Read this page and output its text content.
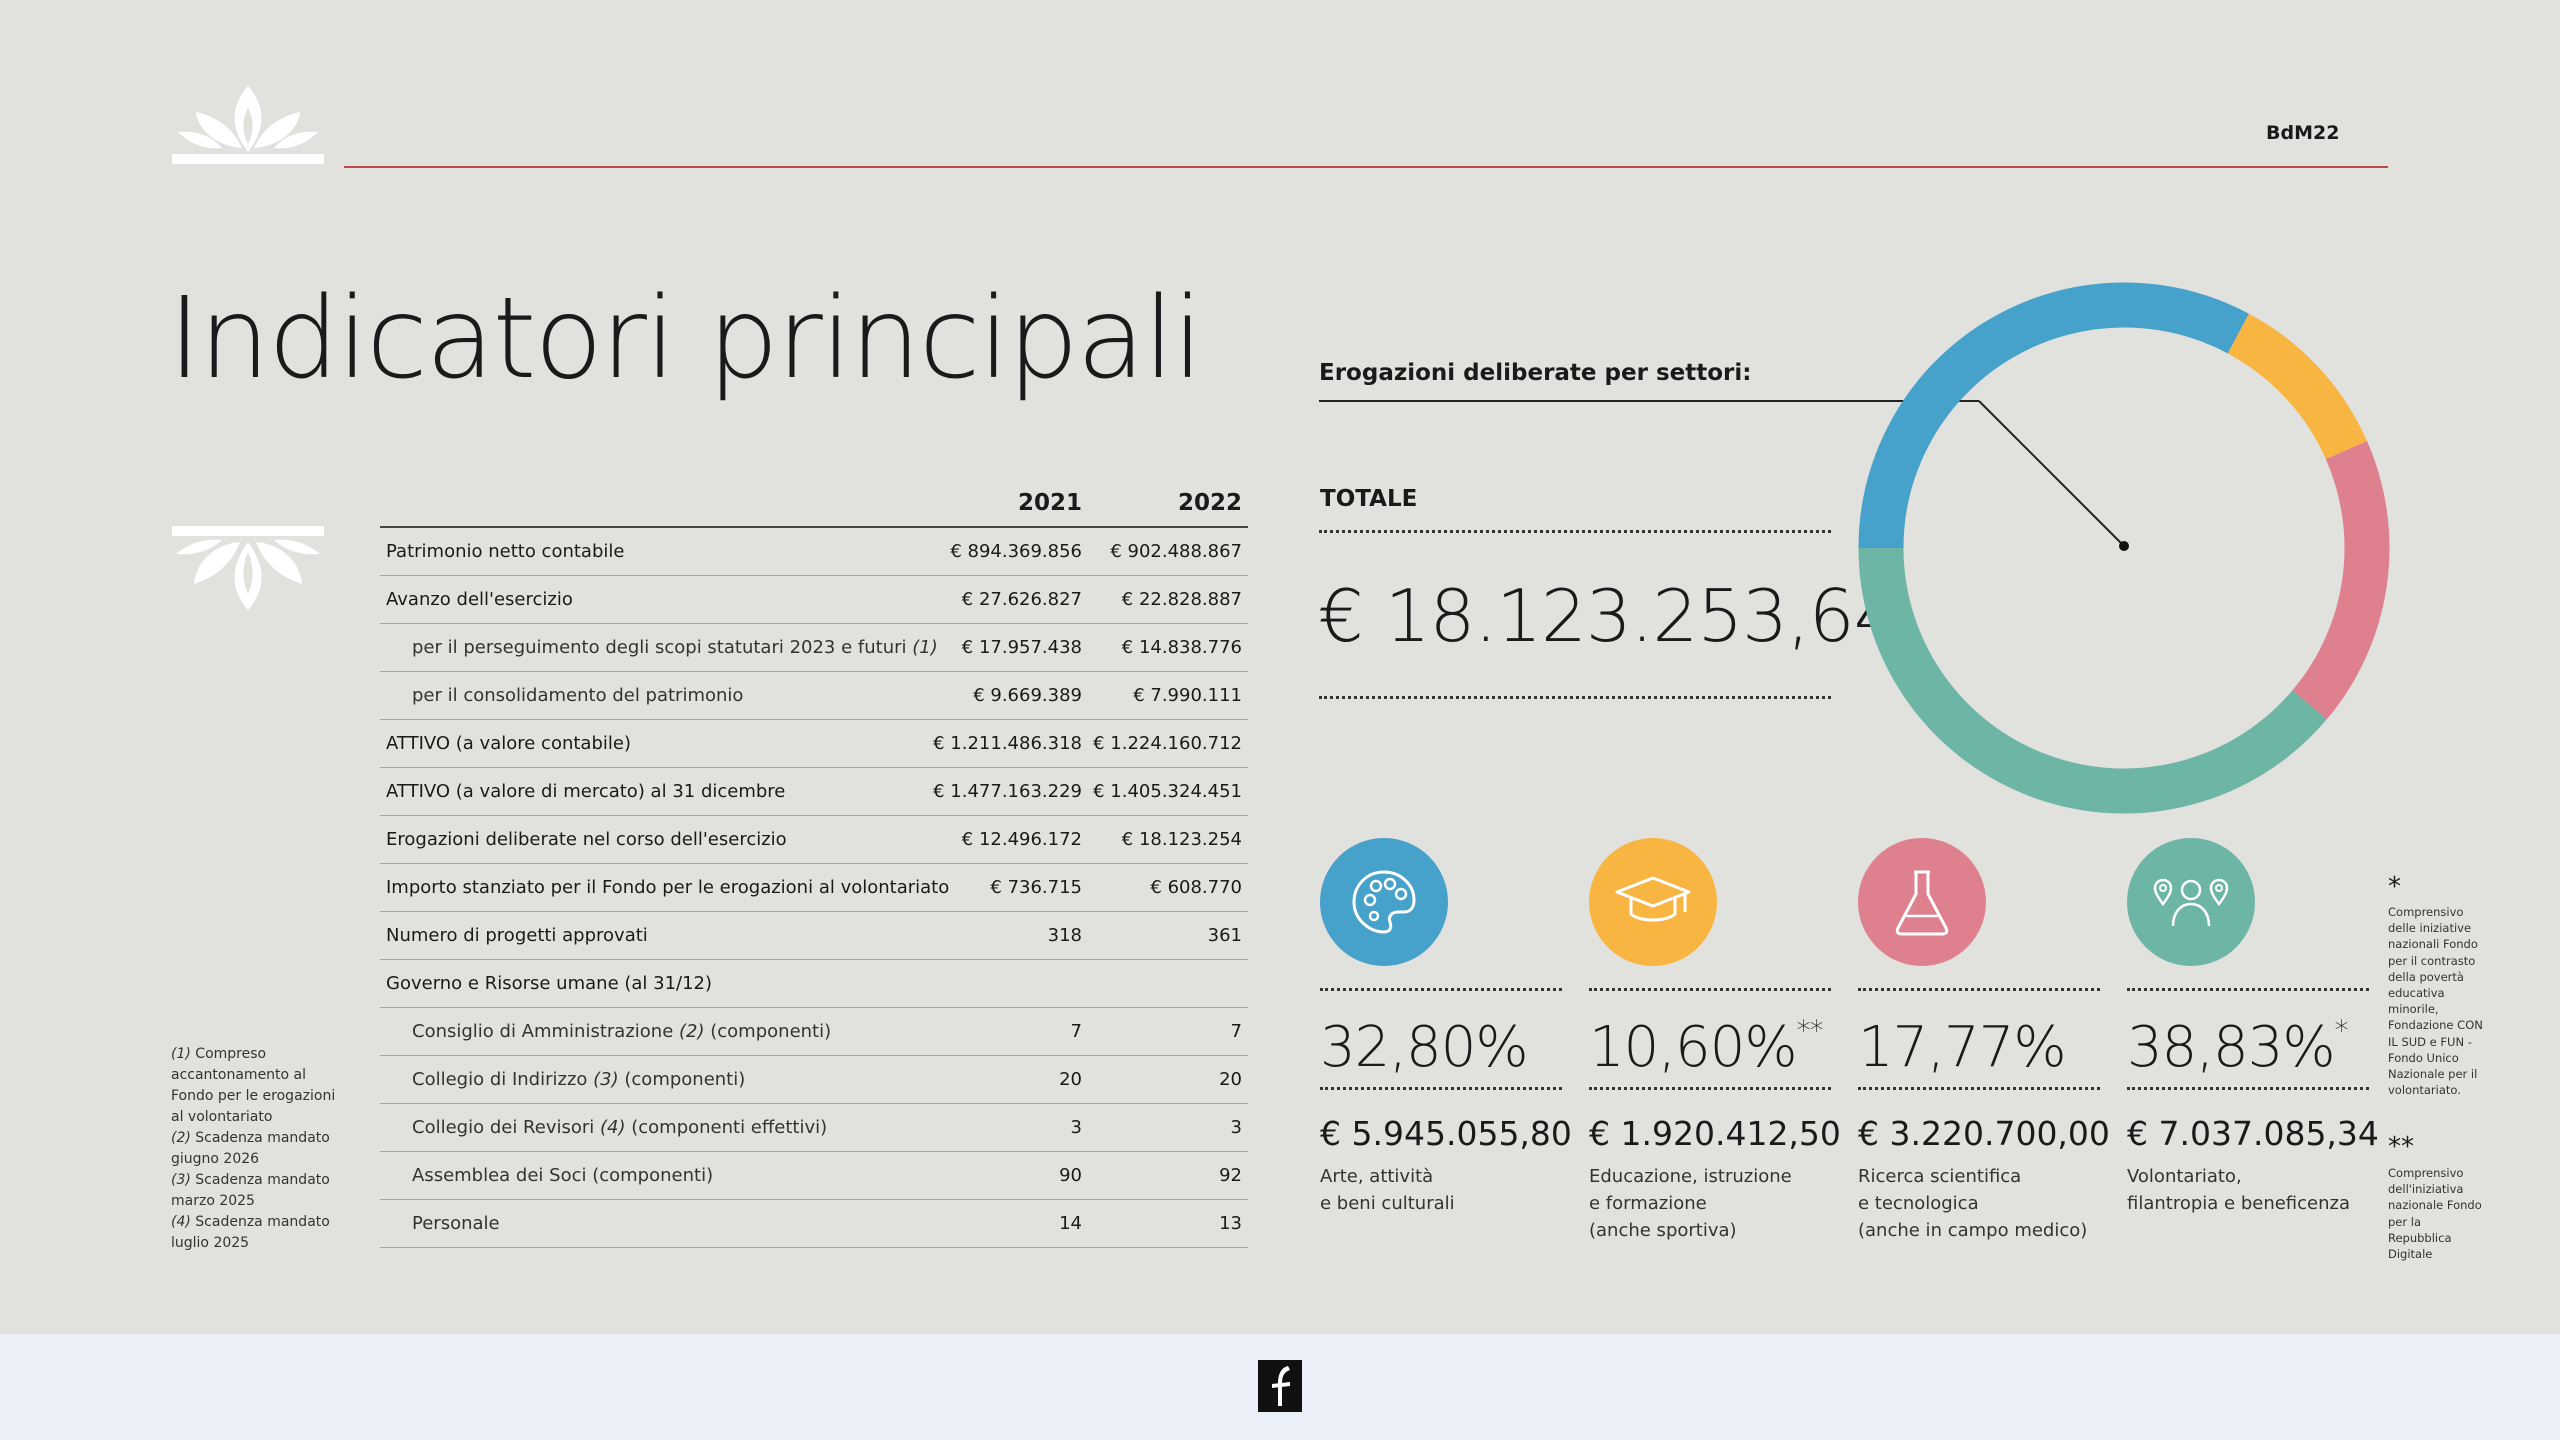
BdM22
Indicatori principali
2021	2022
Patrimonio netto contabile	€ 894.369.856 € 902.488.867
Avanzo dell'esercizio	€ 27.626.827 € 22.828.887
per il perseguimento degli scopi statutari 2023 e futuri (1) € 17.957.438 € 14.838.776
per il consolidamento del patrimonio	€ 9.669.389	€ 7.990.111
ATTIVO (a valore contabile)	€ 1.211.486.318 € 1.224.160.712
ATTIVO (a valore di mercato) al 31 dicembre	€ 1.477.163.229 € 1.405.324.451
Erogazioni deliberate nel corso dell'esercizio	€ 12.496.172 € 18.123.254
Importo stanziato per il Fondo per le erogazioni al volontariato € 736.715	€ 608.770
Numero di progetti approvati	318	361
Governo e Risorse umane (al 31/12)
Consiglio di Amministrazione (2) (componenti)	7	7
Collegio di Indirizzo (3) (componenti)	20	20
Collegio dei Revisori (4) (componenti effettivi)	3	3
Assemblea dei Soci (componenti)	90	92
Personale	14	13
(1) Compreso accantonamento al Fondo per le erogazioni al volontariato
(2) Scadenza mandato giugno 2026
(3) Scadenza mandato marzo 2025
(4) Scadenza mandato luglio 2025
Erogazioni deliberate per settori:
TOTALE
€ 18.123.253,64
32,80%
€ 5.945.055,80
Arte, attività
e beni culturali
10,60%**
€ 1.920.412,50
Educazione, istruzione
e formazione
(anche sportiva)
17,77%
€ 3.220.700,00
Ricerca scientifica
e tecnologica
(anche in campo medico)
38,83%*
€ 7.037.085,34
Volontariato,
filantropia e beneficenza
*
Comprensivo delle iniziative nazionali Fondo per il contrasto della povertà educativa minorile, Fondazione CON IL SUD e FUN - Fondo Unico Nazionale per il volontariato.
**
Comprensivo dell'iniziativa nazionale Fondo per la Repubblica Digitale
